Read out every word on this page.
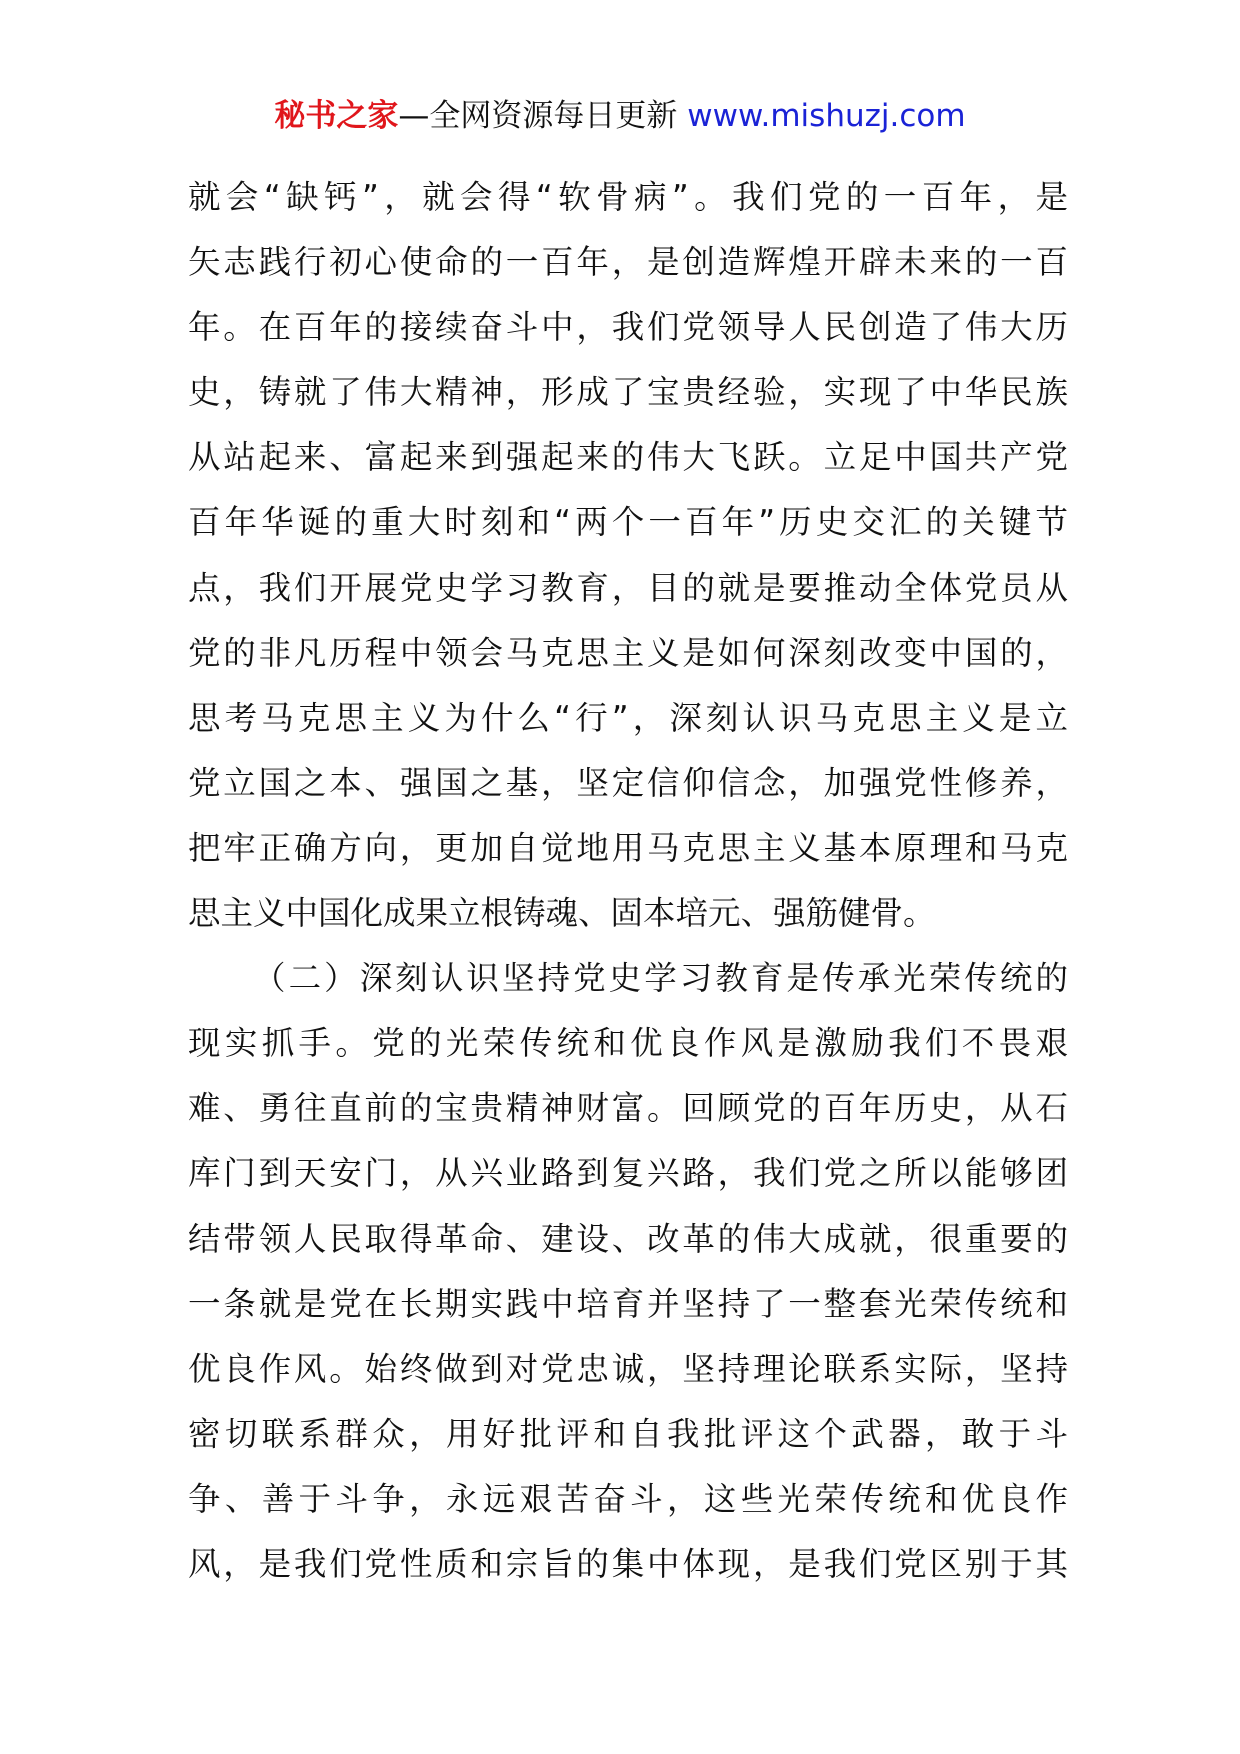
秘书之家—全网资源每日更新 www.mishuzj.com
就会“缺钙”，就会得“软骨病”。我们党的一百年，是
矢志践行初心使命的一百年，是创造辉煌开辟未来的一百
年。在百年的接续奋斗中，我们党领导人民创造了伟大历
史，铸就了伟大精神，形成了宝贵经验，实现了中华民族
从站起来、富起来到强起来的伟大飞跃。立足中国共产党
百年华诞的重大时刻和“两个一百年”历史交汇的关键节
点，我们开展党史学习教育，目的就是要推动全体党员从
党的非凡历程中领会马克思主义是如何深刻改变中国的，
思考马克思主义为什么“行”，深刻认识马克思主义是立
党立国之本、强国之基，坚定信仰信念，加强党性修养，
把牢正确方向，更加自觉地用马克思主义基本原理和马克
思主义中国化成果立根铸魂、固本培元、强筋健骨。
（二）深刻认识坚持党史学习教育是传承光荣传统的
现实抓手。党的光荣传统和优良作风是激励我们不畏艰
难、勇往直前的宝贵精神财富。回顾党的百年历史，从石
库门到天安门，从兴业路到复兴路，我们党之所以能够团
结带领人民取得革命、建设、改革的伟大成就，很重要的
一条就是党在长期实践中培育并坚持了一整套光荣传统和
优良作风。始终做到对党忠诚，坚持理论联系实际，坚持
密切联系群众，用好批评和自我批评这个武器，敢于斗
争、善于斗争，永远艰苦奋斗，这些光荣传统和优良作
风，是我们党性质和宗旨的集中体现，是我们党区别于其
